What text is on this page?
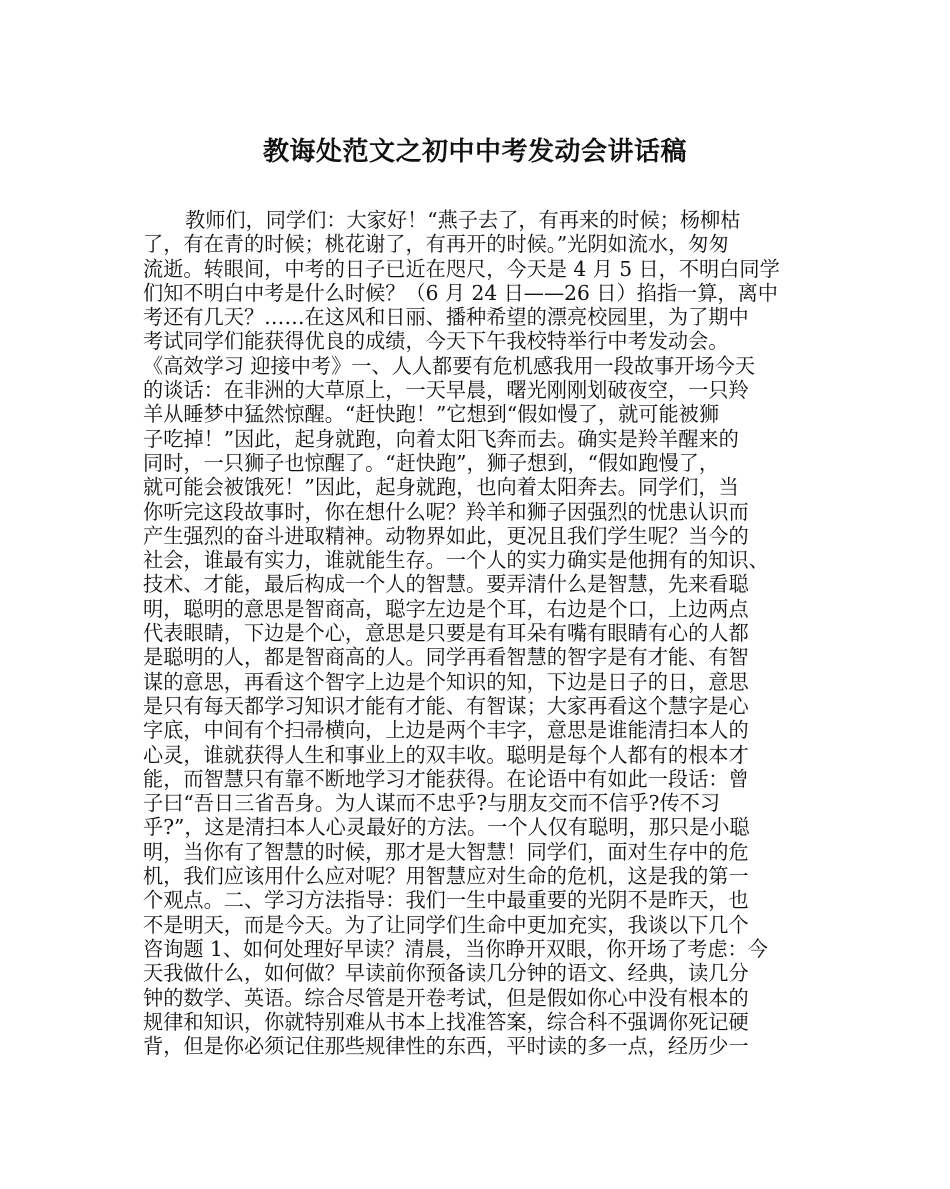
教诲处范文之初中中考发动会讲话稿
教师们，同学们：大家好！“燕子去了，有再来的时候；杨柳枯
了，有在青的时候；桃花谢了，有再开的时候。”光阴如流水，匆匆
流逝。转眼间，中考的日子已近在咫尺，今天是 4 月 5 日，不明白同学
们知不明白中考是什么时候？（6 月 24 日——26 日）掐指一算，离中
考还有几天？……在这风和日丽、播种希望的漂亮校园里，为了期中
考试同学们能获得优良的成绩，今天下午我校特举行中考发动会。
《高效学习 迎接中考》一、人人都要有危机感我用一段故事开场今天
的谈话：在非洲的大草原上，一天早晨，曙光刚刚划破夜空，一只羚
羊从睡梦中猛然惊醒。“赶快跑！”它想到“假如慢了，就可能被狮
子吃掉！”因此，起身就跑，向着太阳飞奔而去。确实是羚羊醒来的
同时，一只狮子也惊醒了。“赶快跑”，狮子想到，“假如跑慢了，
就可能会被饿死！”因此，起身就跑，也向着太阳奔去。同学们，当
你听完这段故事时，你在想什么呢？羚羊和狮子因强烈的忧患认识而
产生强烈的奋斗进取精神。动物界如此，更况且我们学生呢？当今的
社会，谁最有实力，谁就能生存。一个人的实力确实是他拥有的知识、
技术、才能，最后构成一个人的智慧。要弄清什么是智慧，先来看聪
明，聪明的意思是智商高，聪字左边是个耳，右边是个口，上边两点
代表眼睛，下边是个心，意思是只要是有耳朵有嘴有眼睛有心的人都
是聪明的人，都是智商高的人。同学再看智慧的智字是有才能、有智
谋的意思，再看这个智字上边是个知识的知，下边是日子的日，意思
是只有每天都学习知识才能有才能、有智谋；大家再看这个慧字是心
字底，中间有个扫帚横向，上边是两个丰字，意思是谁能清扫本人的
心灵，谁就获得人生和事业上的双丰收。聪明是每个人都有的根本才
能，而智慧只有靠不断地学习才能获得。在论语中有如此一段话：曾
子曰“吾日三省吾身。为人谋而不忠乎?与朋友交而不信乎?传不习
乎?”，这是清扫本人心灵最好的方法。一个人仅有聪明，那只是小聪
明，当你有了智慧的时候，那才是大智慧！同学们，面对生存中的危
机，我们应该用什么应对呢？用智慧应对生命的危机，这是我的第一
个观点。二、学习方法指导：我们一生中最重要的光阴不是昨天，也
不是明天，而是今天。为了让同学们生命中更加充实，我谈以下几个
咨询题 1、如何处理好早读？清晨，当你睁开双眼，你开场了考虑：今
天我做什么，如何做？早读前你预备读几分钟的语文、经典，读几分
钟的数学、英语。综合尽管是开卷考试，但是假如你心中没有根本的
规律和知识，你就特别难从书本上找准答案，综合科不强调你死记硬
背，但是你必须记住那些规律性的东西，平时读的多一点，经历少一
